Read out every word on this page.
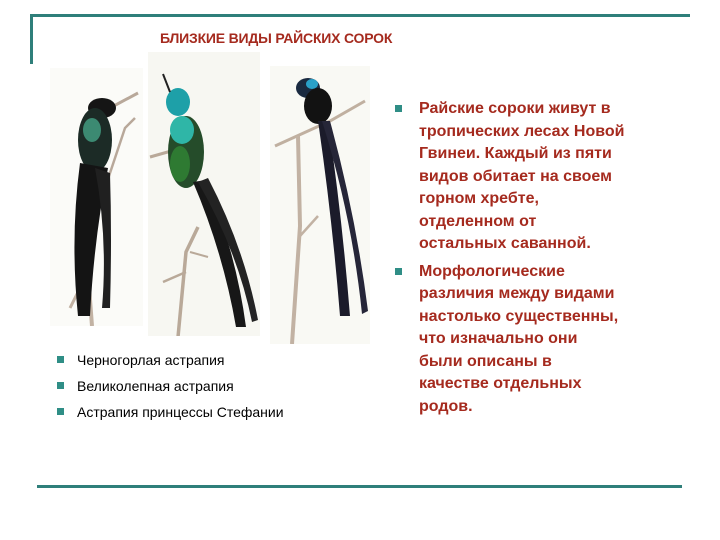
БЛИЗКИЕ ВИДЫ РАЙСКИХ СОРОК
Черногорлая астрапия
Великолепная астрапия
Астрапия принцессы Стефании
Райские сороки живут в
тропических лесах Новой
Гвинеи. Каждый из пяти
видов обитает на своем
горном хребте,
отделенном от
остальных саванной.
Морфологические
различия между видами
настолько существенны,
что изначально они
были описаны в
качестве отдельных
родов.
